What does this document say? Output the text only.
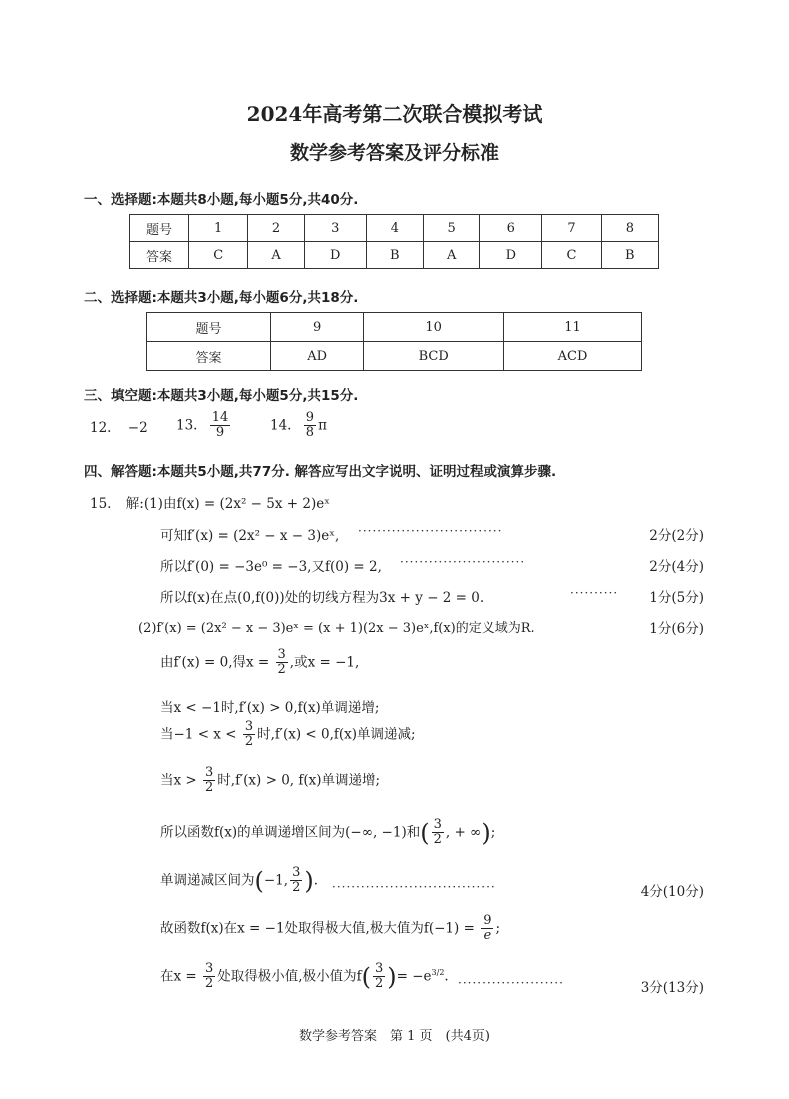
2024年高考第二次联合模拟考试
数学参考答案及评分标准
一、选择题:本题共8小题,每小题5分,共40分.
题号	1	2	3	4	5	6	7	8
答案	C	A	D	B	A	D	C	B
二、选择题:本题共3小题,每小题6分,共18分.
题号	9	10	11
答案	AD	BCD	ACD
三、填空题:本题共3小题,每小题5分,共15分.
12. −2 13. $\frac{14}{9}$	14. $\frac{9}{8}$ π
四、解答题:本题共5小题,共77分. 解答应写出文字说明、证明过程或演算步骤.
15. 解:(1)由f(x) = (2x² − 5x + 2)eˣ
可知f′(x) = (2x² − x − 3)eˣ, ······························	2分(2分)
所以f′(0) = −3e⁰ = −3,又f(0) = 2, ··························	2分(4分)
所以f(x)在点(0,f(0))处的切线方程为3x + y − 2 = 0.	·········· 1分(5分)
(2)f′(x) = (2x² − x − 3)eˣ = (x + 1)(2x − 3)eˣ,f(x)的定义域为R.	1分(6分)
由f′(x) = 0,得$x = \frac{3}{2}$ ,或x = −1,
当x < −1时,f′(x) > 0,f(x)单调递增;
当$-1 < x < \frac{3}{2}$ 时,f′(x) < 0,f(x)单调递减;
当$x > \frac{3}{2}$ 时,f′(x) > 0, f(x)单调递增;
所以函数f(x)的单调递增区间为(−∞, −1)和( $\frac{3}{2}$ , + ∞);
单调递减区间为(−1, $\frac{3}{2}$ ). ··································	4分(10分)
故函数f(x)在x = −1处取得极大值,极大值为$f(-1) = \frac{9}{e}$ ;
在$x = \frac{3}{2}$ 处取得极小值,极小值为$f( \frac{3}{2}$ )= $-e^{3/2}$. ······················	3分(13分)
数学参考答案　第 1 页　(共4页)
